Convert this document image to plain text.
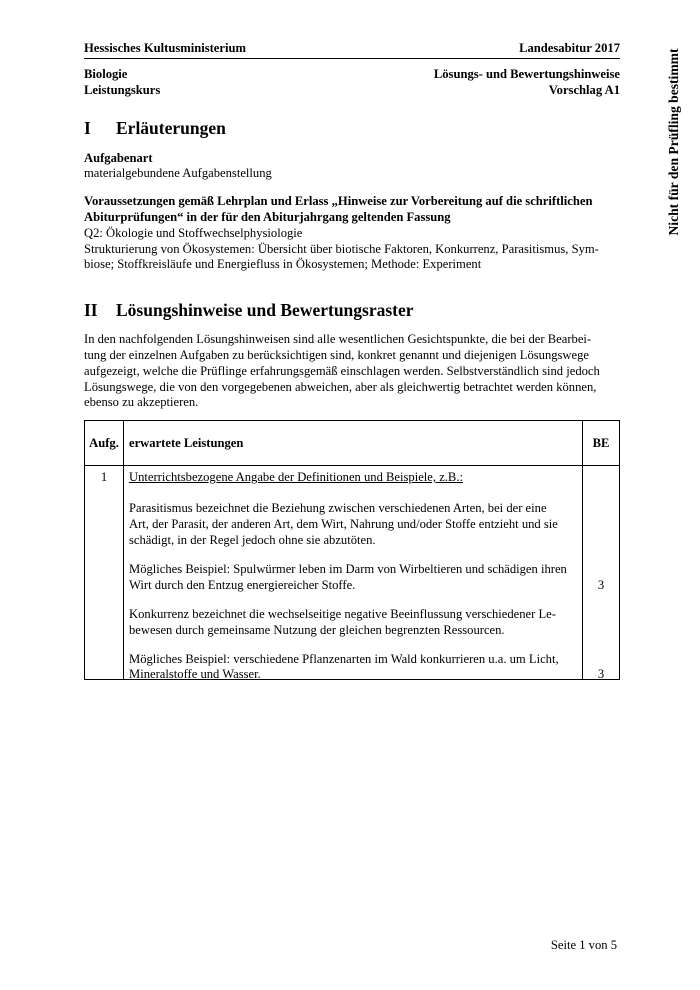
Hessisches Kultusministerium	Landesabitur 2017
Biologie	Lösungs- und Bewertungshinweise
Leistungskurs	Vorschlag A1	Nicht für den Prüfling bestimmt
I Erläuterungen
Aufgabenart
materialgebundene Aufgabenstellung
Voraussetzungen gemäß Lehrplan und Erlass „Hinweise zur Vorbereitung auf die schriftlichen
Abiturprüfungen“ in der für den Abiturjahrgang geltenden Fassung
Q2: Ökologie und Stoffwechselphysiologie
Strukturierung von Ökosystemen: Übersicht über biotische Faktoren, Konkurrenz, Parasitismus, Sym-
biose; Stoffkreisläufe und Energiefluss in Ökosystemen; Methode: Experiment
II Lösungshinweise und Bewertungsraster
In den nachfolgenden Lösungshinweisen sind alle wesentlichen Gesichtspunkte, die bei der Bearbei-
tung der einzelnen Aufgaben zu berücksichtigen sind, konkret genannt und diejenigen Lösungswege
aufgezeigt, welche die Prüflinge erfahrungsgemäß einschlagen werden. Selbstverständlich sind jedoch
Lösungswege, die von den vorgegebenen abweichen, aber als gleichwertig betrachtet werden können,
ebenso zu akzeptieren.
Aufg. erwartete Leistungen	BE
1	Unterrichtsbezogene Angabe der Definitionen und Beispiele, z.B.:
Parasitismus bezeichnet die Beziehung zwischen verschiedenen Arten, bei der eine
Art, der Parasit, der anderen Art, dem Wirt, Nahrung und/oder Stoffe entzieht und sie
schädigt, in der Regel jedoch ohne sie abzutöten.
Mögliches Beispiel: Spulwürmer leben im Darm von Wirbeltieren und schädigen ihren
Wirt durch den Entzug energiereicher Stoffe.	3
Konkurrenz bezeichnet die wechselseitige negative Beeinflussung verschiedener Le-
bewesen durch gemeinsame Nutzung der gleichen begrenzten Ressourcen.
Mögliches Beispiel: verschiedene Pflanzenarten im Wald konkurrieren u.a. um Licht,
Mineralstoffe und Wasser.	3
Seite 1 von 5
